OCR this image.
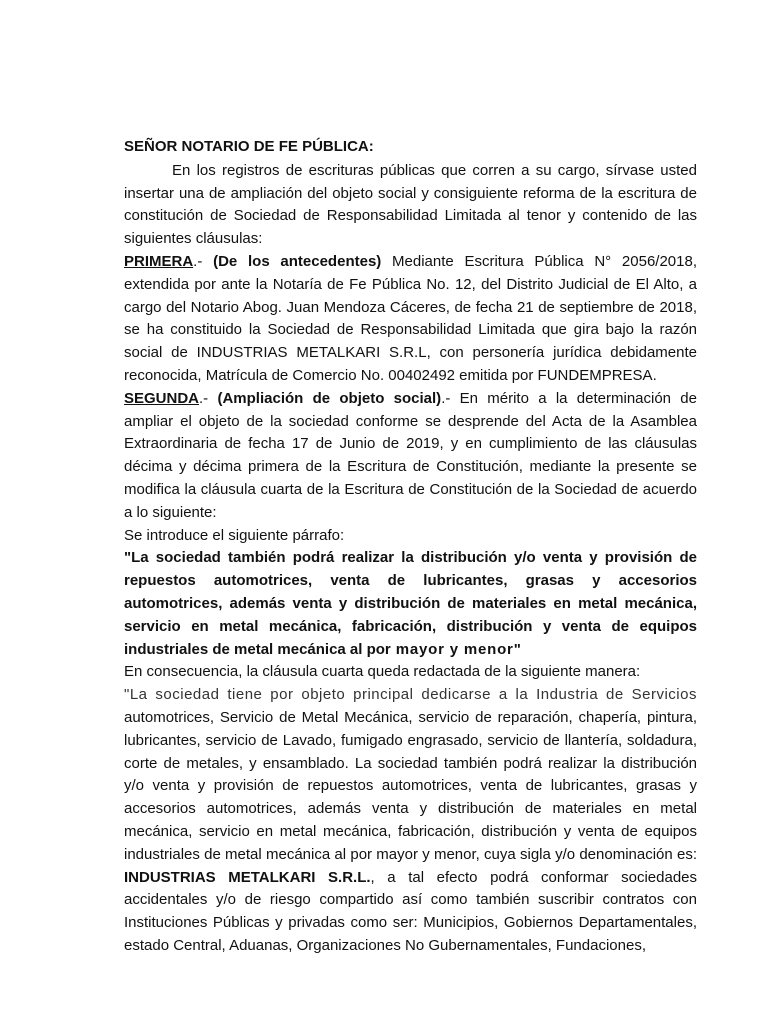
SEÑOR NOTARIO DE FE PÚBLICA:

En los registros de escrituras públicas que corren a su cargo, sírvase usted insertar una de ampliación del objeto social y consiguiente reforma de la escritura de constitución de Sociedad de Responsabilidad Limitada al tenor y contenido de las siguientes cláusulas:

PRIMERA.- (De los antecedentes) Mediante Escritura Pública N° 2056/2018, extendida por ante la Notaría de Fe Pública No. 12, del Distrito Judicial de El Alto, a cargo del Notario Abog. Juan Mendoza Cáceres, de fecha 21 de septiembre de 2018, se ha constituido la Sociedad de Responsabilidad Limitada que gira bajo la razón social de INDUSTRIAS METALKARI S.R.L, con personería jurídica debidamente reconocida, Matrícula de Comercio No. 00402492 emitida por FUNDEMPRESA.

SEGUNDA.- (Ampliación de objeto social).- En mérito a la determinación de ampliar el objeto de la sociedad conforme se desprende del Acta de la Asamblea Extraordinaria de fecha 17 de Junio de 2019, y en cumplimiento de las cláusulas décima y décima primera de la Escritura de Constitución, mediante la presente se modifica la cláusula cuarta de la Escritura de Constitución de la Sociedad de acuerdo a lo siguiente:

Se introduce el siguiente párrafo:

"La sociedad también podrá realizar la distribución y/o venta y provisión de repuestos automotrices, venta de lubricantes, grasas y accesorios automotrices, además venta y distribución de materiales en metal mecánica, servicio en metal mecánica, fabricación, distribución y venta de equipos industriales de metal mecánica al por mayor y menor"

En consecuencia, la cláusula cuarta queda redactada de la siguiente manera:

"La sociedad tiene por objeto principal dedicarse a la Industria de Servicios automotrices, Servicio de Metal Mecánica, servicio de reparación, chapería, pintura, lubricantes, servicio de Lavado, fumigado engrasado, servicio de llantería, soldadura, corte de metales, y ensamblado. La sociedad también podrá realizar la distribución y/o venta y provisión de repuestos automotrices, venta de lubricantes, grasas y accesorios automotrices, además venta y distribución de materiales en metal mecánica, servicio en metal mecánica, fabricación, distribución y venta de equipos industriales de metal mecánica al por mayor y menor, cuya sigla y/o denominación es: INDUSTRIAS METALKARI S.R.L., a tal efecto podrá conformar sociedades accidentales y/o de riesgo compartido así como también suscribir contratos con Instituciones Públicas y privadas como ser: Municipios, Gobiernos Departamentales, estado Central, Aduanas, Organizaciones No Gubernamentales, Fundaciones,
